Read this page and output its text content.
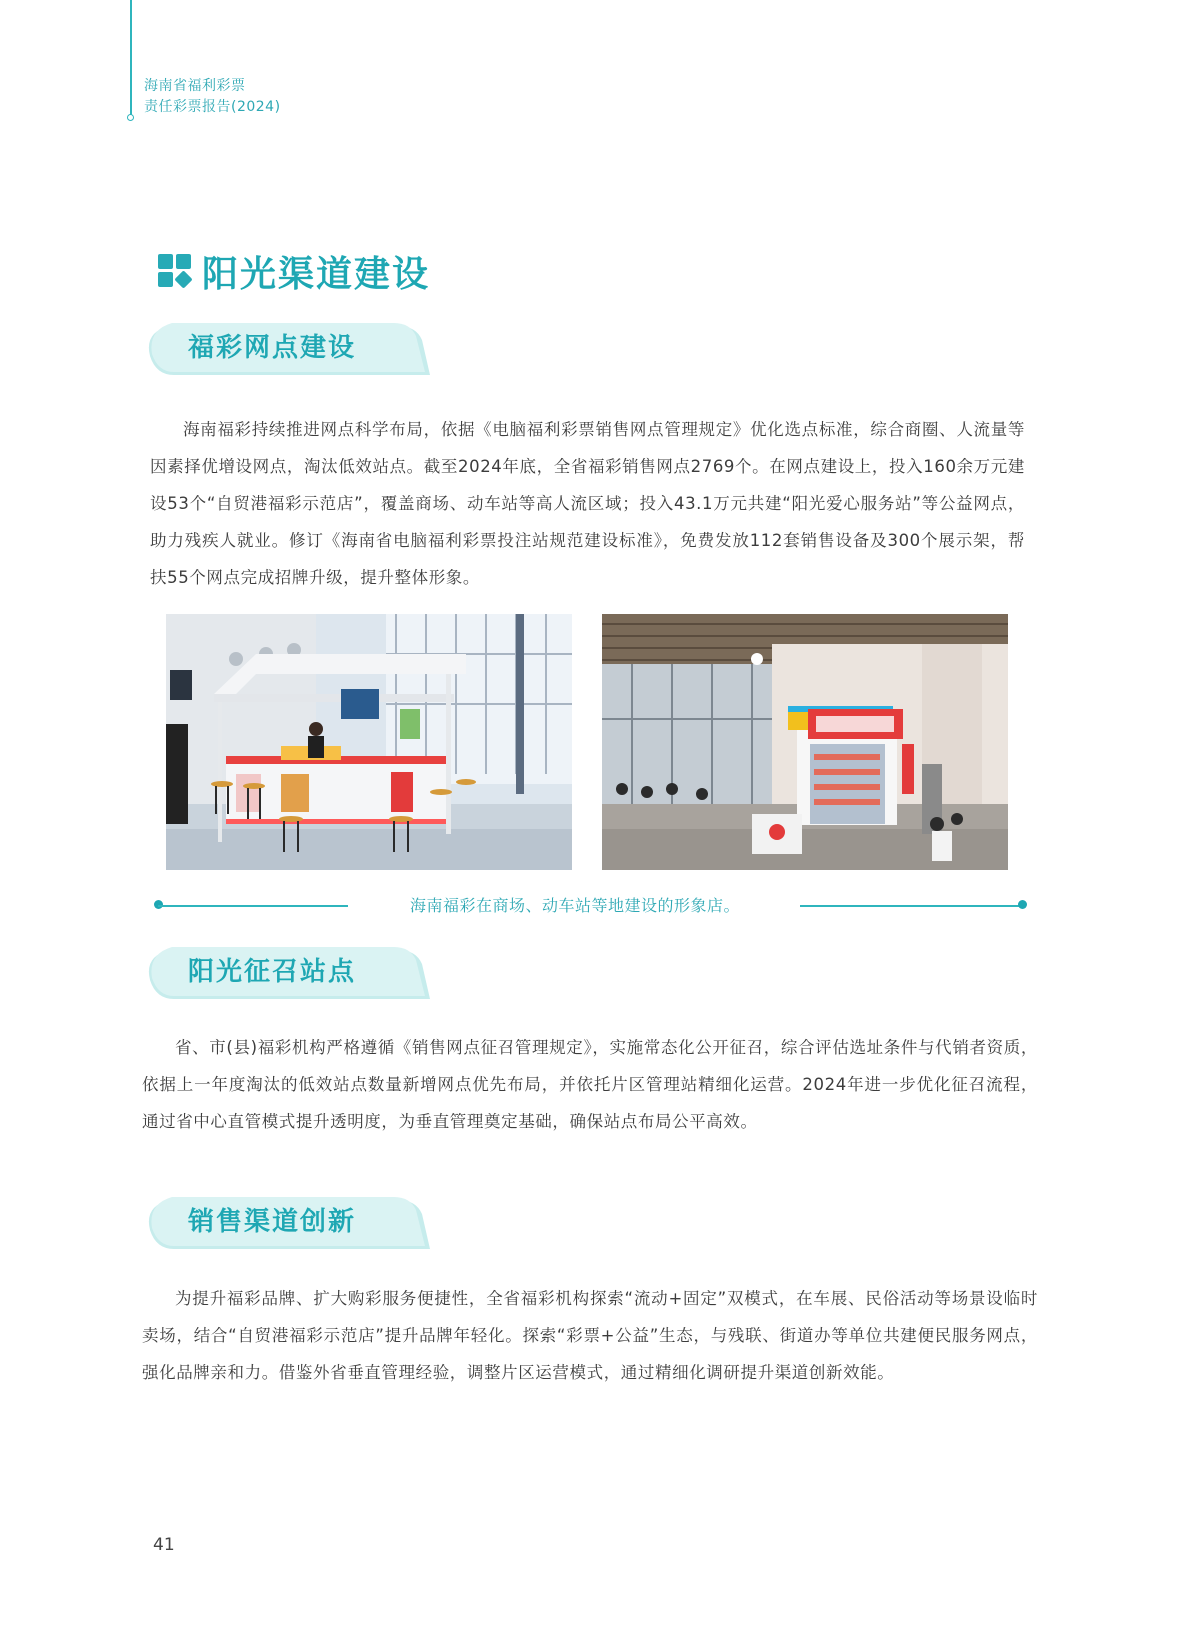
海南省福利彩票
责任彩票报告(2024)
阳光渠道建设
福彩网点建设

海南福彩持续推进网点科学布局，依据《电脑福利彩票销售网点管理规定》优化选点标准，综合商圈、人流量等因素择优增设网点，淘汰低效站点。截至2024年底，全省福彩销售网点2769个。在网点建设上，投入160余万元建设53个“自贸港福彩示范店”，覆盖商场、动车站等高人流区域；投入43.1万元共建“阳光爱心服务站”等公益网点，助力残疾人就业。修订《海南省电脑福利彩票投注站规范建设标准》，免费发放112套销售设备及300个展示架，帮扶55个网点完成招牌升级，提升整体形象。

海南福彩在商场、动车站等地建设的形象店。
阳光征召站点

省、市(县)福彩机构严格遵循《销售网点征召管理规定》，实施常态化公开征召，综合评估选址条件与代销者资质，依据上一年度淘汰的低效站点数量新增网点优先布局，并依托片区管理站精细化运营。2024年进一步优化征召流程，通过省中心直管模式提升透明度，为垂直管理奠定基础，确保站点布局公平高效。

销售渠道创新

为提升福彩品牌、扩大购彩服务便捷性，全省福彩机构探索“流动+固定”双模式，在车展、民俗活动等场景设临时卖场，结合“自贸港福彩示范店”提升品牌年轻化。探索“彩票+公益”生态，与残联、街道办等单位共建便民服务网点，强化品牌亲和力。借鉴外省垂直管理经验，调整片区运营模式，通过精细化调研提升渠道创新效能。

41
